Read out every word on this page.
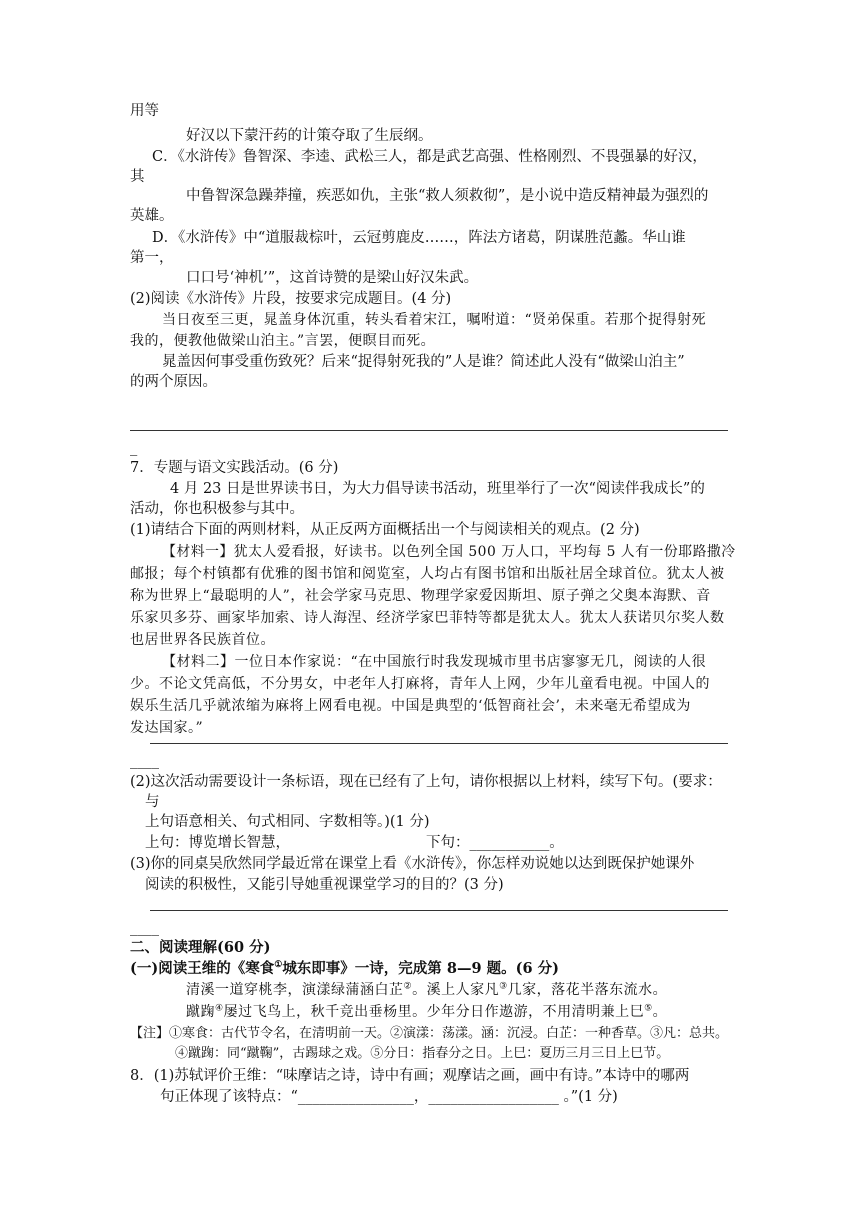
用等
好汉以下蒙汗药的计策夺取了生辰纲。
C．《水浒传》鲁智深、李逵、武松三人，都是武艺高强、性格刚烈、不畏强暴的好汉，
其
中鲁智深急躁莽撞，疾恶如仇，主张“救人须救彻”，是小说中造反精神最为强烈的
英雄。
D．《水浒传》中“道服裁棕叶，云冠剪鹿皮……，阵法方诸葛，阴谋胜范蠡。华山谁
第一，
口口号‘神机’”，这首诗赞的是梁山好汉朱武。
(2)阅读《水浒传》片段，按要求完成题目。(4 分)
当日夜至三更，晁盖身体沉重，转头看着宋江，嘱咐道：“贤弟保重。若那个捉得射死
我的，便教他做梁山泊主。”言罢，便瞑目而死。
晁盖因何事受重伤致死？后来“捉得射死我的”人是谁？简述此人没有“做梁山泊主”
的两个原因。
_
7．专题与语文实践活动。(6 分)
4 月 23 日是世界读书日，为大力倡导读书活动，班里举行了一次“阅读伴我成长”的
活动，你也积极参与其中。
(1)请结合下面的两则材料，从正反两方面概括出一个与阅读相关的观点。(2 分)
【材料一】犹太人爱看报，好读书。以色列全国 500 万人口，平均每 5 人有一份耶路撒冷
邮报；每个村镇都有优雅的图书馆和阅览室，人均占有图书馆和出版社居全球首位。犹太人被
称为世界上“最聪明的人”，社会学家马克思、物理学家爱因斯坦、原子弹之父奥本海默、音
乐家贝多芬、画家毕加索、诗人海涅、经济学家巴菲特等都是犹太人。犹太人获诺贝尔奖人数
也居世界各民族首位。
【材料二】一位日本作家说：“在中国旅行时我发现城市里书店寥寥无几，阅读的人很
少。不论文凭高低，不分男女，中老年人打麻将，青年人上网，少年儿童看电视。中国人的
娱乐生活几乎就浓缩为麻将上网看电视。中国是典型的‘低智商社会’，未来毫无希望成为
发达国家。”
____
(2)这次活动需要设计一条标语，现在已经有了上句，请你根据以上材料，续写下句。(要求：
与
上句语意相关、句式相同、字数相等。)(1 分)
上句：博览增长智慧，	下句：___________。
(3)你的同桌吴欣然同学最近常在课堂上看《水浒传》，你怎样劝说她以达到既保护她课外
阅读的积极性，又能引导她重视课堂学习的目的？(3 分)
____
二、阅读理解(60 分)
(一)阅读王维的《寒食①城东即事》一诗，完成第 8—9 题。(6 分)
清溪一道穿桃李，演漾绿蒲涵白芷②。溪上人家凡③几家，落花半落东流水。
蹴踘④屡过飞鸟上，秋千竞出垂杨里。少年分日作遨游，不用清明兼上巳⑤。
【注】①寒食：古代节令名，在清明前一天。②演漾：荡漾。涵：沉浸。白芷：一种香草。③凡：总共。
④蹴踘：同“蹴鞠”，古踢球之戏。⑤分日：指春分之日。上巳：夏历三月三日上巳节。
8．(1)苏轼评价王维：“味摩诘之诗，诗中有画；观摩诘之画，画中有诗。”本诗中的哪两
句正体现了该特点：“________________，__________________ 。”(1 分)
